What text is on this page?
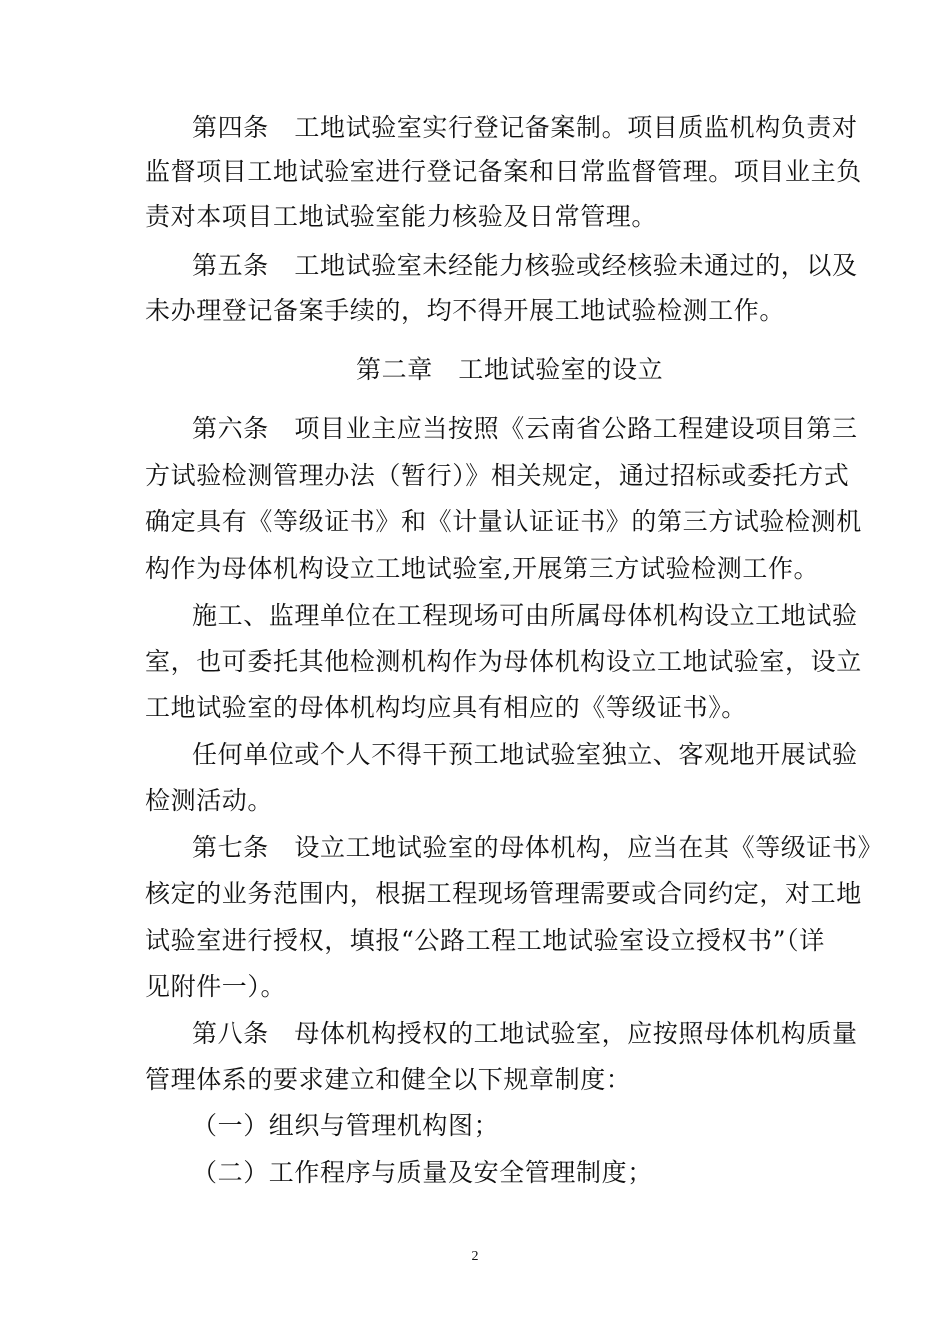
第四条　工地试验室实行登记备案制。项目质监机构负责对
监督项目工地试验室进行登记备案和日常监督管理。项目业主负
责对本项目工地试验室能力核验及日常管理。
第五条　工地试验室未经能力核验或经核验未通过的，以及
未办理登记备案手续的，均不得开展工地试验检测工作。
第二章　工地试验室的设立
第六条　项目业主应当按照《云南省公路工程建设项目第三
方试验检测管理办法（暂行）》相关规定，通过招标或委托方式
确定具有《等级证书》和《计量认证证书》的第三方试验检测机
构作为母体机构设立工地试验室,开展第三方试验检测工作。
施工、监理单位在工程现场可由所属母体机构设立工地试验
室，也可委托其他检测机构作为母体机构设立工地试验室，设立
工地试验室的母体机构均应具有相应的《等级证书》。
任何单位或个人不得干预工地试验室独立、客观地开展试验
检测活动。
第七条　设立工地试验室的母体机构，应当在其《等级证书》
核定的业务范围内，根据工程现场管理需要或合同约定，对工地
试验室进行授权，填报“公路工程工地试验室设立授权书”（详
见附件一）。
第八条　母体机构授权的工地试验室，应按照母体机构质量
管理体系的要求建立和健全以下规章制度：
（一）组织与管理机构图；
（二）工作程序与质量及安全管理制度；
2
